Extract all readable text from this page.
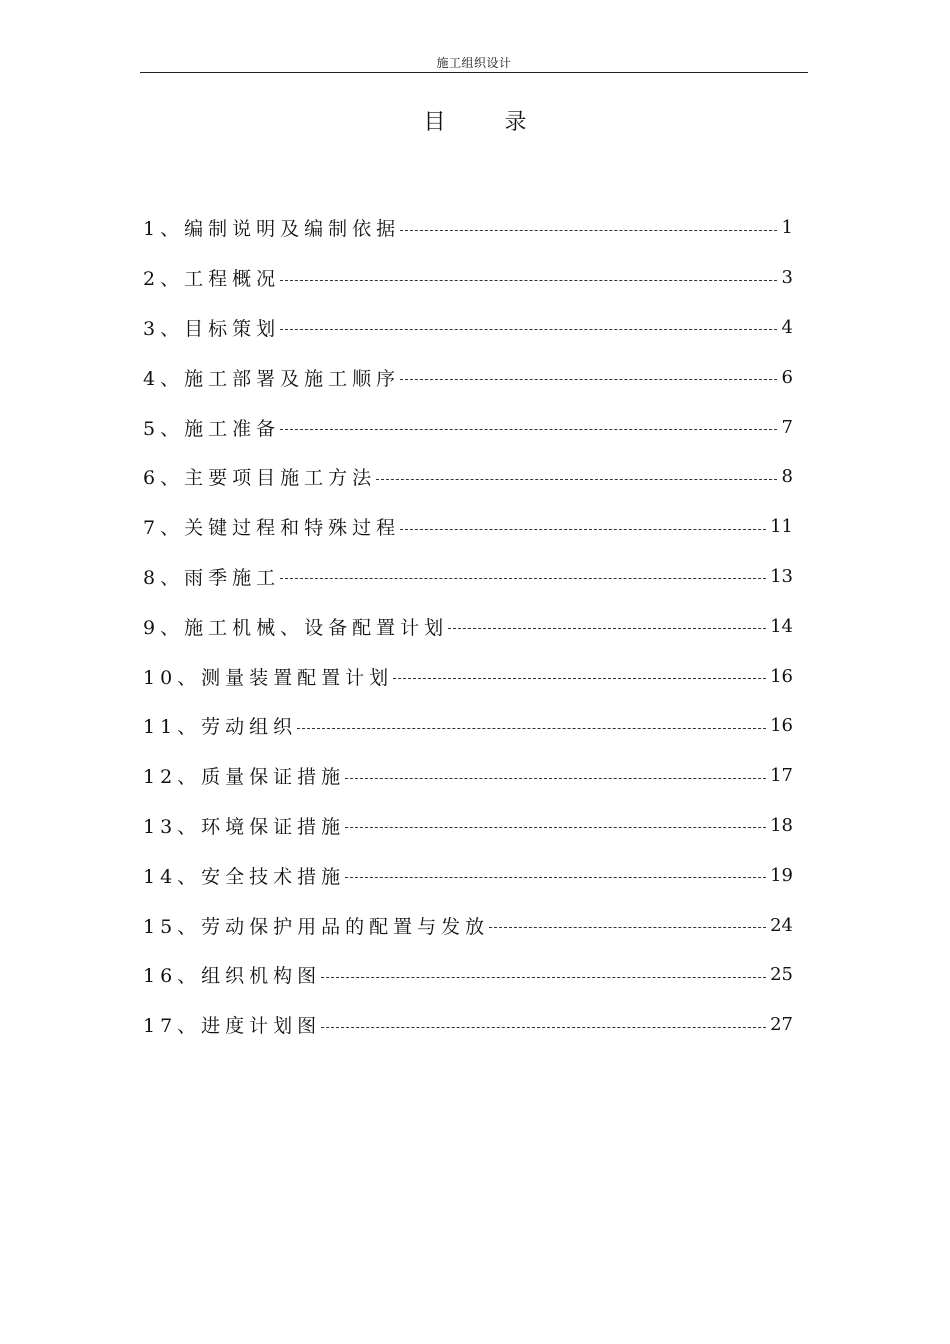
施工组织设计
目 录
1、编制说明及编制依据	1
2、工程概况	3
3、目标策划	4
4、施工部署及施工顺序	6
5、施工准备	7
6、主要项目施工方法	8
7、关键过程和特殊过程	11
8、雨季施工	13
9、施工机械、设备配置计划	14
10、测量装置配置计划	16
11、劳动组织	16
12、质量保证措施	17
13、环境保证措施	18
14、安全技术措施	19
15、劳动保护用品的配置与发放	24
16、组织机构图	25
17、进度计划图	27
